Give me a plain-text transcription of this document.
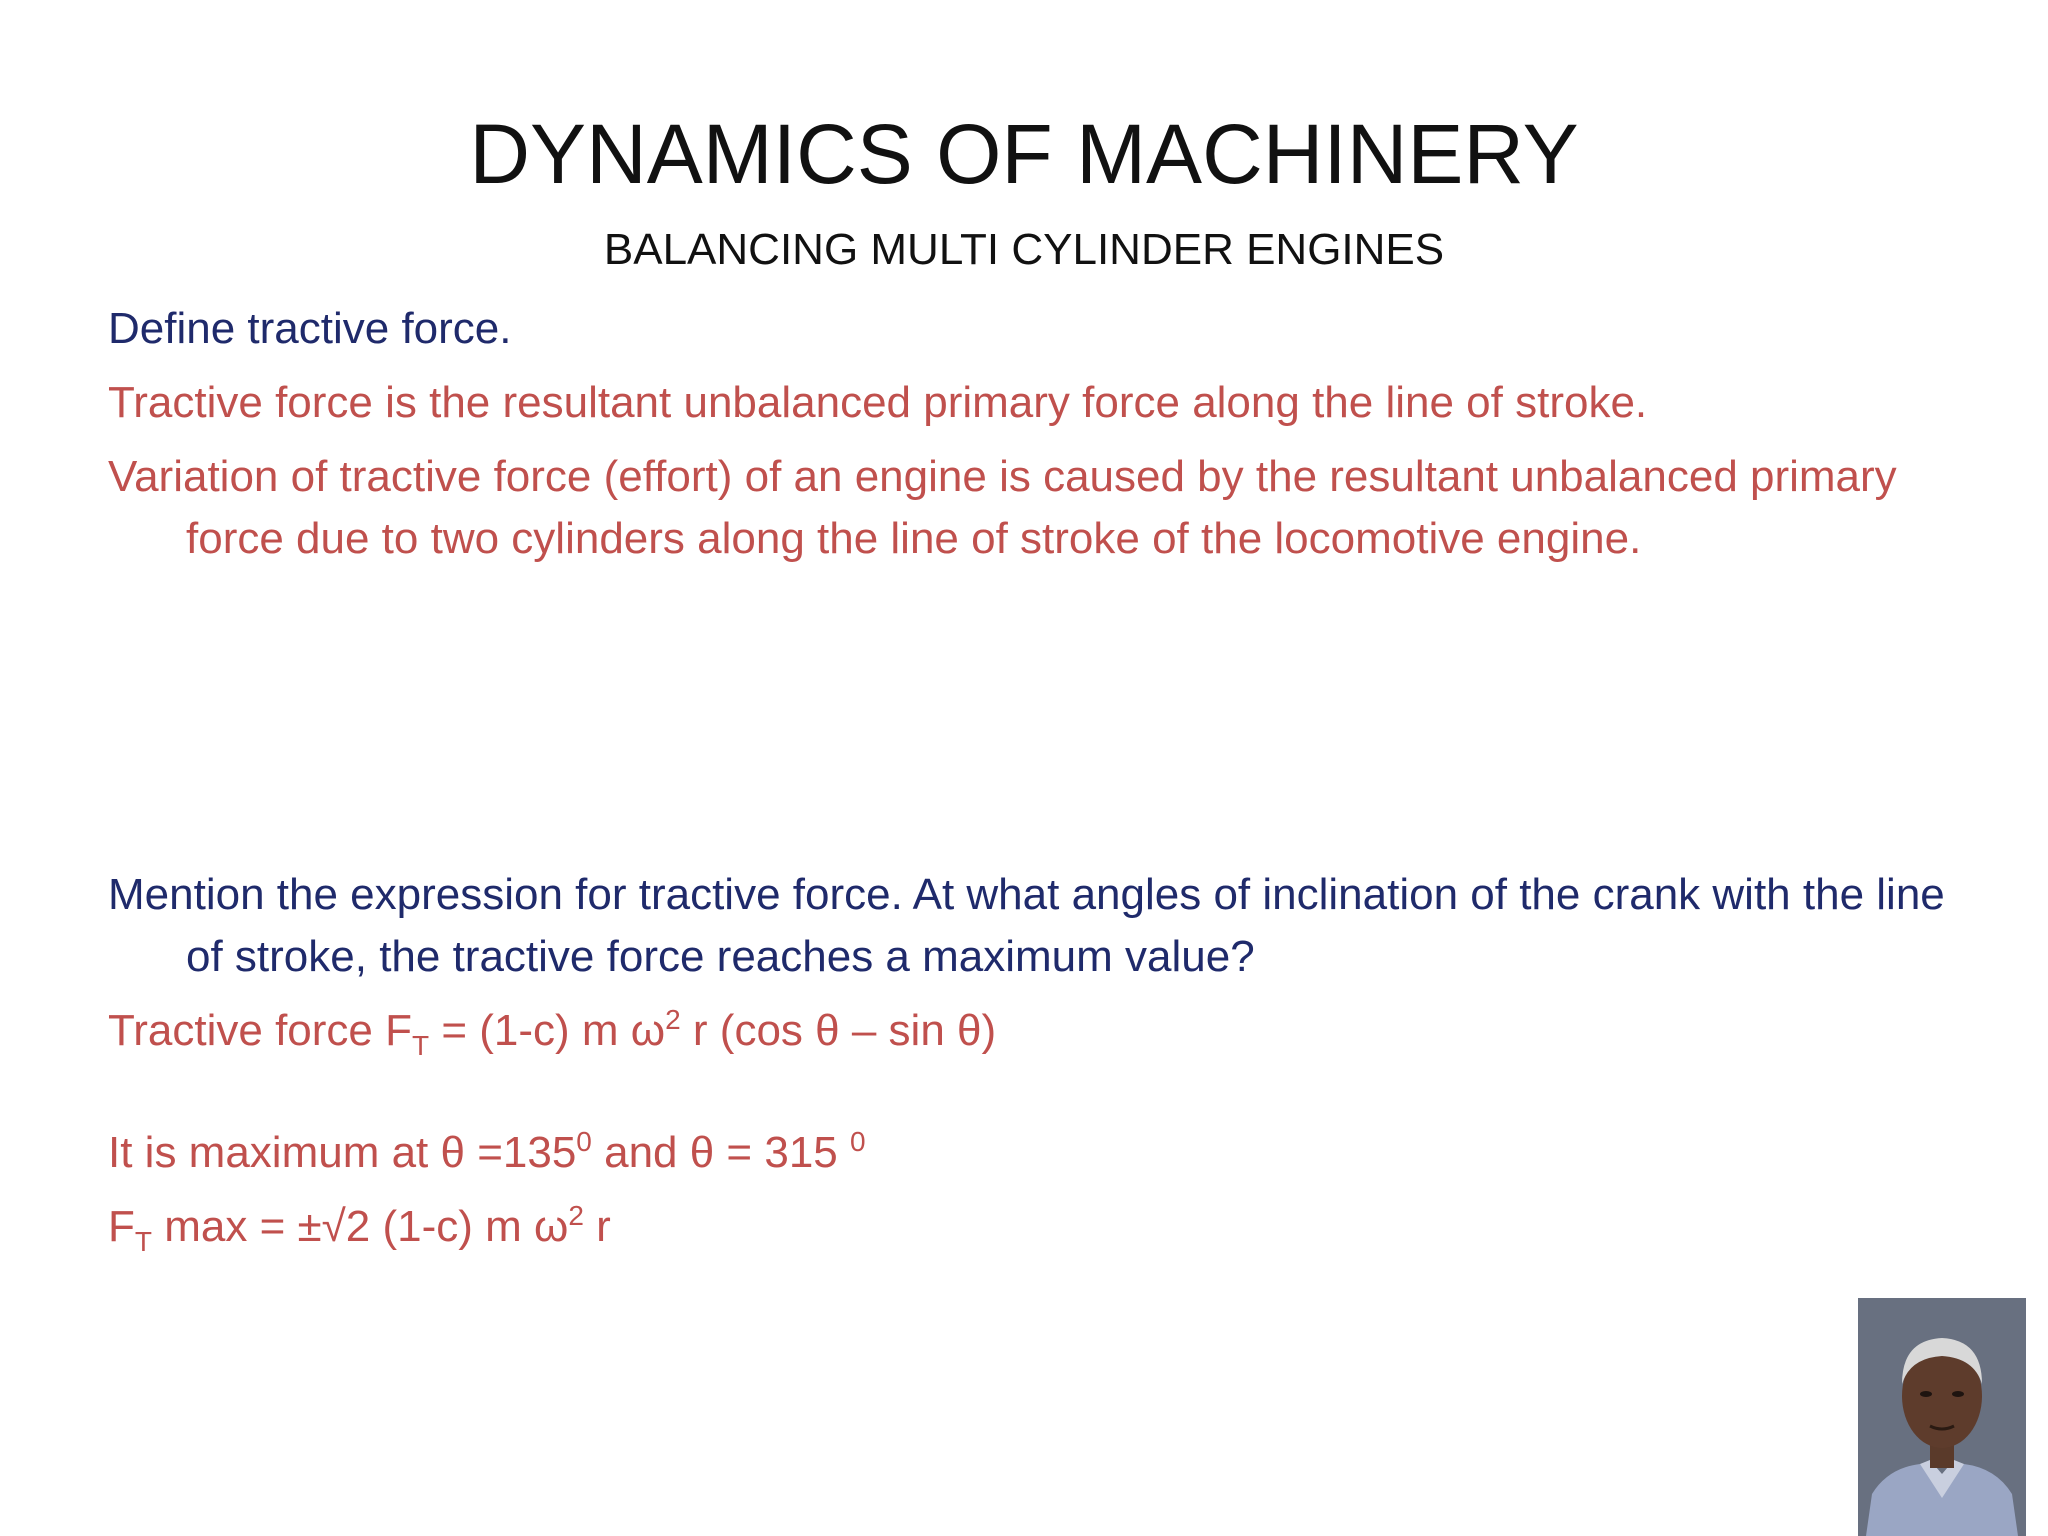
DYNAMICS OF MACHINERY
BALANCING MULTI CYLINDER ENGINES
Define tractive force.
Tractive force is the resultant unbalanced primary force along the line of stroke.
Variation of tractive force (effort) of an engine is caused by the resultant unbalanced primary force due to two cylinders along the line of stroke of the locomotive engine.
Mention the expression for tractive force. At what angles of inclination of the crank with the line of stroke, the tractive force reaches a maximum value?
Tractive force $F_T = (1-c)$ m $\omega^2$ r (cos θ – sin θ)
It is maximum at $\theta =135^0$ and θ = 315 $^0$
$F_T$ max = ±√2 (1-c) m $\omega^2$ r
